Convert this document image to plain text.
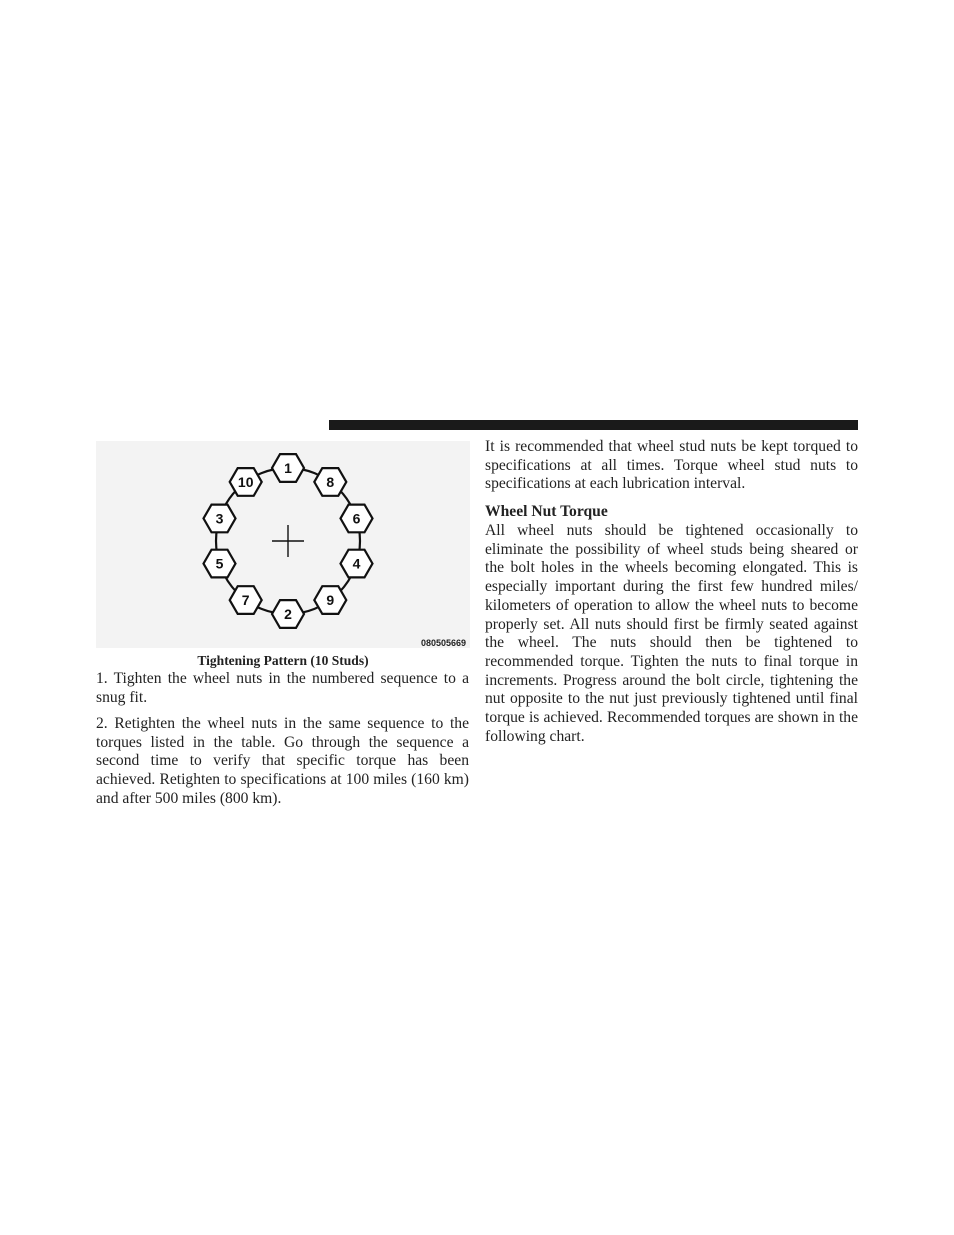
1
8
6
4
9
2
7
5
3
10
080505669
Tightening Pattern (10 Studs)

1. Tighten the wheel nuts in the numbered sequence to a snug fit.

2. Retighten the wheel nuts in the same sequence to the torques listed in the table. Go through the sequence a second time to verify that specific torque has been achieved. Retighten to specifications at 100 miles (160 km) and after 500 miles (800 km).

It is recommended that wheel stud nuts be kept torqued to specifications at all times. Torque wheel stud nuts to specifications at each lubrication interval.

Wheel Nut Torque

All wheel nuts should be tightened occasionally to eliminate the possibility of wheel studs being sheared or the bolt holes in the wheels becoming elongated. This is especially important during the first few hundred miles/ kilometers of operation to allow the wheel nuts to become properly set. All nuts should first be firmly seated against the wheel. The nuts should then be tightened to recommended torque. Tighten the nuts to final torque in increments. Progress around the bolt circle, tightening the nut opposite to the nut just previously tightened until final torque is achieved. Recommended torques are shown in the following chart.
